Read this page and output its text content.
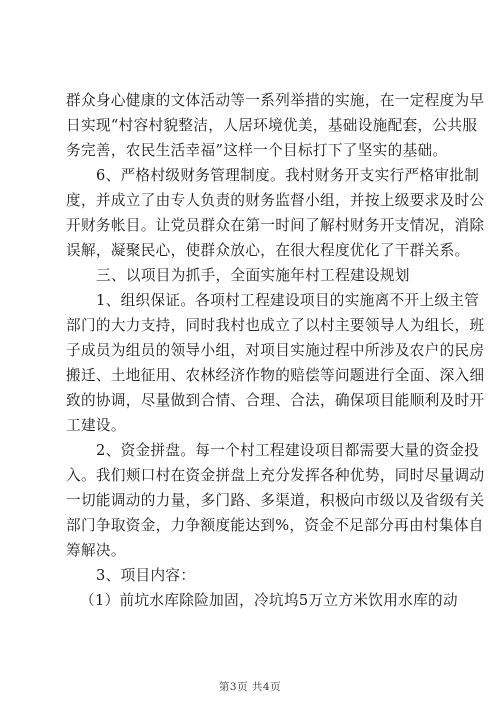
群众身心健康的文体活动等一系列举措的实施，在一定程度为早
日实现“村容村貌整洁，人居环境优美，基础设施配套，公共服
务完善，农民生活幸福”这样一个目标打下了坚实的基础。
6、严格村级财务管理制度。我村财务开支实行严格审批制
度，并成立了由专人负责的财务监督小组，并按上级要求及时公
开财务帐目。让党员群众在第一时间了解村财务开支情况，消除
误解，凝聚民心，使群众放心，在很大程度优化了干群关系。
三、以项目为抓手，全面实施年村工程建设规划
1、组织保证。各项村工程建设项目的实施离不开上级主管
部门的大力支持，同时我村也成立了以村主要领导人为组长，班
子成员为组员的领导小组，对项目实施过程中所涉及农户的民房
搬迁、土地征用、农林经济作物的赔偿等问题进行全面、深入细
致的协调，尽量做到合情、合理、合法，确保项目能顺利及时开
工建设。
2、资金拼盘。每一个村工程建设项目都需要大量的资金投
入。我们颊口村在资金拼盘上充分发挥各种优势，同时尽量调动
一切能调动的力量，多门路、多渠道，积极向市级以及省级有关
部门争取资金，力争额度能达到%，资金不足部分再由村集体自
筹解决。
3、项目内容：
（1）前坑水库除险加固，冷坑坞5万立方米饮用水库的动
第3页 共4页
